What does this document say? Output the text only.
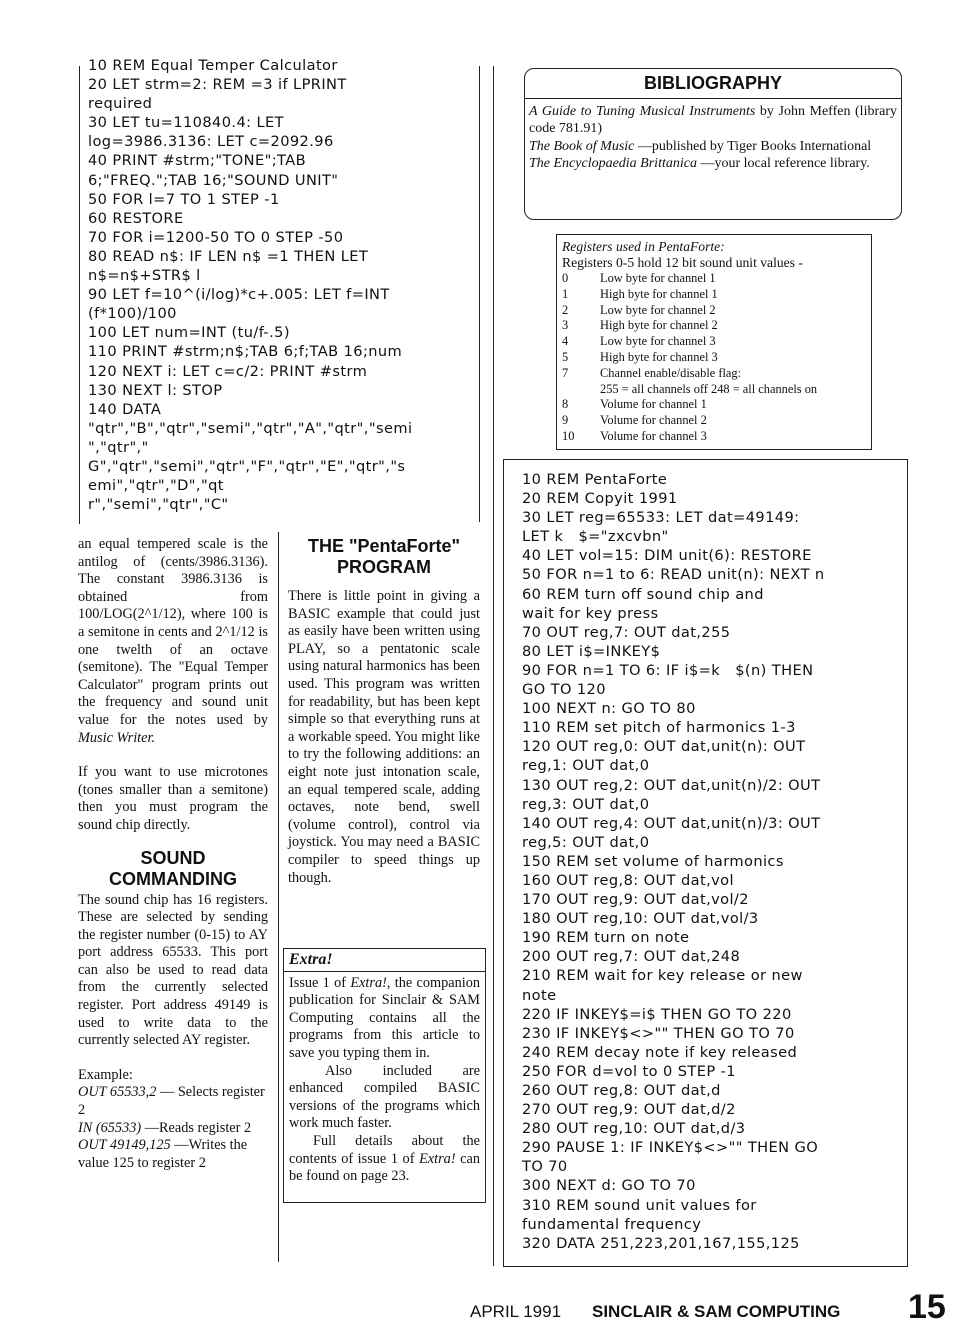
10 REM Equal Temper Calculator
20 LET strm=2: REM =3 if LPRINT
required
30 LET tu=110840.4: LET
log=3986.3136: LET c=2092.96
40 PRINT #strm;"TONE";TAB
6;"FREQ.";TAB 16;"SOUND UNIT"
50 FOR l=7 TO 1 STEP -1
60 RESTORE
70 FOR i=1200-50 TO 0 STEP -50
80 READ n$: IF LEN n$ =1 THEN LET
n$=n$+STR$ l
90 LET f=10^(i/log)*c+.005: LET f=INT
(f*100)/100
100 LET num=INT (tu/f-.5)
110 PRINT #strm;n$;TAB 6;f;TAB 16;num
120 NEXT i: LET c=c/2: PRINT #strm
130 NEXT l: STOP
140 DATA
"qtr","B","qtr","semi","qtr","A","qtr","semi
","qtr","
G","qtr","semi","qtr","F","qtr","E","qtr","s
emi","qtr","D","qt
r","semi","qtr","C"

an equal tempered scale is the antilog of (cents/3986.3136). The constant 3986.3136 is obtained from 100/LOG(2^1/12), where 100 is a semitone in cents and 2^1/12 is one twelth of an octave (semitone). The "Equal Temper Calculator" program prints out the frequency and sound unit value for the notes used by Music Writer.

If you want to use microtones (tones smaller than a semitone) then you must program the sound chip directly.

SOUND COMMANDING

The sound chip has 16 registers. These are selected by sending the register number (0-15) to AY port address 65533. This port can also be used to read data from the currently selected register. Port address 49149 is used to write data to the currently selected AY register.

Example:
OUT 65533,2 — Selects register 2
IN (65533) —Reads register 2
OUT 49149,125 —Writes the value 125 to register 2
THE "PentaForte" PROGRAM
There is little point in giving a BASIC example that could just as easily have been written using PLAY, so a pentatonic scale using natural harmonics has been used. This program was written for readability, but has been kept simple so that everything runs at a workable speed. You might like to try the following additions: an eight note just intonation scale, an equal tempered scale, adding octaves, note bend, swell (volume control), control via joystick. You may need a BASIC compiler to speed things up though.
Extra!
Issue 1 of Extra!, the companion publication for Sinclair & SAM Computing contains all the programs from this article to save you typing them in.
Also included are enhanced compiled BASIC versions of the programs which work much faster.
Full details about the contents of issue 1 of Extra! can be found on page 23.
BIBLIOGRAPHY
A Guide to Tuning Musical Instruments by John Meffen (library code 781.91)
The Book of Music —published by Tiger Books International
The Encyclopaedia Brittanica —your local reference library.
Registers used in PentaForte:
Registers 0-5 hold 12 bit sound unit values -
0	Low byte for channel 1
1	High byte for channel 1
2	Low byte for channel 2
3	High byte for channel 2
4	Low byte for channel 3
5	High byte for channel 3
7	Channel enable/disable flag:
255 = all channels off 248 = all channels on
8	Volume for channel 1
9	Volume for channel 2
10	Volume for channel 3
10 REM PentaForte
20 REM Copyit 1991
30 LET reg=65533: LET dat=49149:
LET k   $="zxcvbn"
40 LET vol=15: DIM unit(6): RESTORE
50 FOR n=1 to 6: READ unit(n): NEXT n
60 REM turn off sound chip and
wait for key press
70 OUT reg,7: OUT dat,255
80 LET i$=INKEY$
90 FOR n=1 TO 6: IF i$=k   $(n) THEN
GO TO 120
100 NEXT n: GO TO 80
110 REM set pitch of harmonics 1-3
120 OUT reg,0: OUT dat,unit(n): OUT
reg,1: OUT dat,0
130 OUT reg,2: OUT dat,unit(n)/2: OUT
reg,3: OUT dat,0
140 OUT reg,4: OUT dat,unit(n)/3: OUT
reg,5: OUT dat,0
150 REM set volume of harmonics
160 OUT reg,8: OUT dat,vol
170 OUT reg,9: OUT dat,vol/2
180 OUT reg,10: OUT dat,vol/3
190 REM turn on note
200 OUT reg,7: OUT dat,248
210 REM wait for key release or new
note
220 IF INKEY$=i$ THEN GO TO 220
230 IF INKEY$<>"" THEN GO TO 70
240 REM decay note if key released
250 FOR d=vol to 0 STEP -1
260 OUT reg,8: OUT dat,d
270 OUT reg,9: OUT dat,d/2
280 OUT reg,10: OUT dat,d/3
290 PAUSE 1: IF INKEY$<>"" THEN GO
TO 70
300 NEXT d: GO TO 70
310 REM sound unit values for
fundamental frequency
320 DATA 251,223,201,167,155,125
APRIL 1991 SINCLAIR & SAM COMPUTING 15
